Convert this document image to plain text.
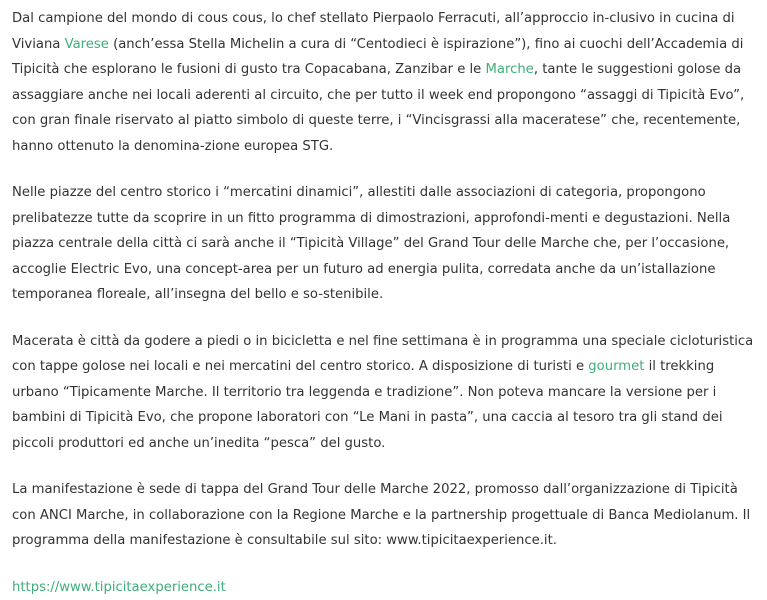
Dal campione del mondo di cous cous, lo chef stellato Pierpaolo Ferracuti, all’approccio in-clusivo in cucina di Viviana Varese (anch’essa Stella Michelin a cura di “Centodieci è ispirazione”), fino ai cuochi dell’Accademia di Tipicità che esplorano le fusioni di gusto tra Copacabana, Zanzibar e le Marche, tante le suggestioni golose da assaggiare anche nei locali aderenti al circuito, che per tutto il week end propongono “assaggi di Tipicità Evo”, con gran finale riservato al piatto simbolo di queste terre, i “Vincisgrassi alla maceratese” che, recentemente, hanno ottenuto la denomina-zione europea STG.

Nelle piazze del centro storico i “mercatini dinamici”, allestiti dalle associazioni di categoria, propongono prelibatezze tutte da scoprire in un fitto programma di dimostrazioni, approfondi-menti e degustazioni. Nella piazza centrale della città ci sarà anche il “Tipicità Village” del Grand Tour delle Marche che, per l’occasione, accoglie Electric Evo, una concept-area per un futuro ad energia pulita, corredata anche da un’istallazione temporanea floreale, all’insegna del bello e so-stenibile.

Macerata è città da godere a piedi o in bicicletta e nel fine settimana è in programma una speciale cicloturistica con tappe golose nei locali e nei mercatini del centro storico. A disposizione di turisti e gourmet il trekking urbano “Tipicamente Marche. Il territorio tra leggenda e tradizione”. Non poteva mancare la versione per i bambini di Tipicità Evo, che propone laboratori con “Le Mani in pasta”, una caccia al tesoro tra gli stand dei piccoli produttori ed anche un’inedita “pesca” del gusto.

La manifestazione è sede di tappa del Grand Tour delle Marche 2022, promosso dall’organizzazione di Tipicità con ANCI Marche, in collaborazione con la Regione Marche e la partnership progettuale di Banca Mediolanum. Il programma della manifestazione è consultabile sul sito: www.tipicitaexperience.it.

https://www.tipicitaexperience.it
